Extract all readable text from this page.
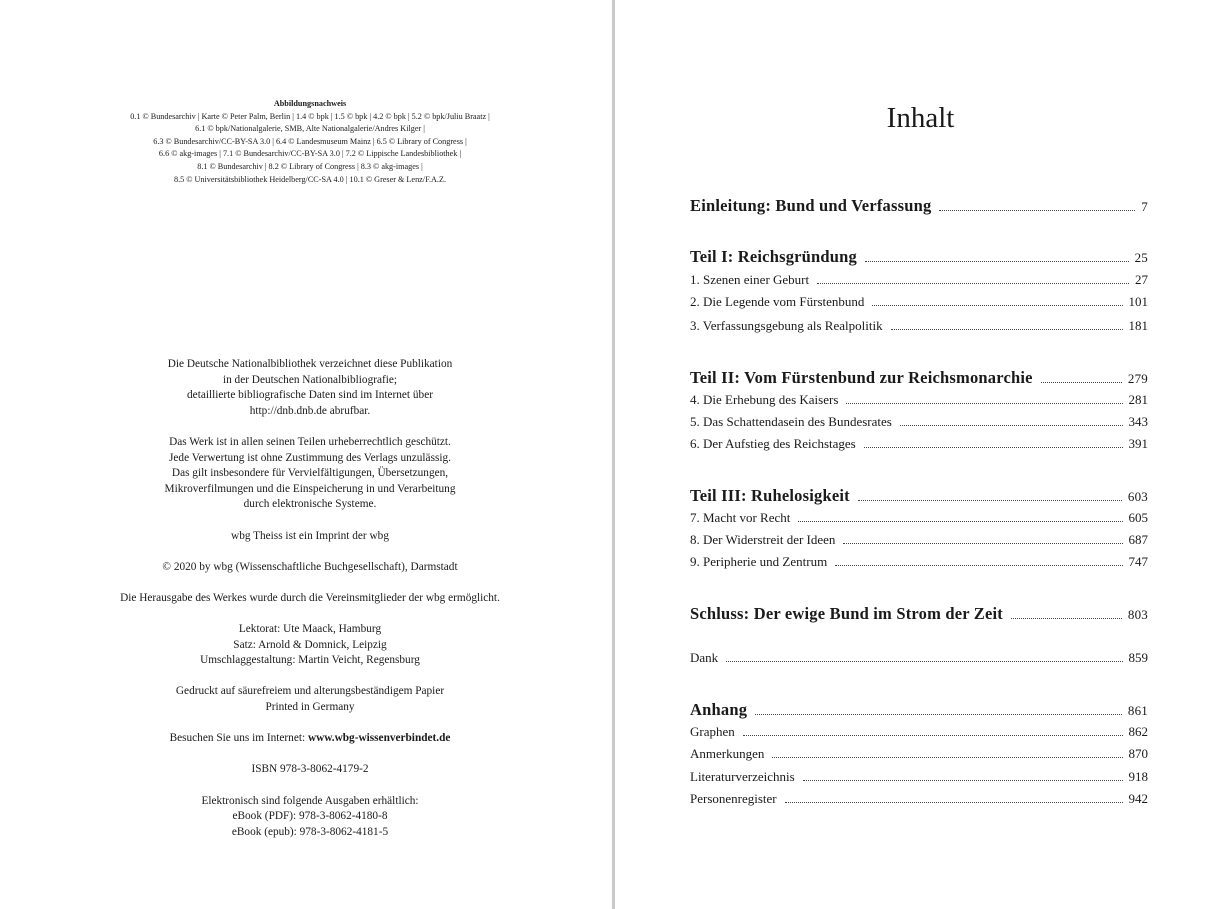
Abbildungsnachweis
0.1 © Bundesarchiv | Karte © Peter Palm, Berlin | 1.4 © bpk | 1.5 © bpk | 4.2 © bpk | 5.2 © bpk/Juliu Braatz |
6.1 © bpk/Nationalgalerie, SMB, Alte Nationalgalerie/Andres Kilger |
6.3 © Bundesarchiv/CC-BY-SA 3.0 | 6.4 © Landesmuseum Mainz | 6.5 © Library of Congress |
6.6 © akg-images | 7.1 © Bundesarchiv/CC-BY-SA 3.0 | 7.2 © Lippische Landesbibliothek |
8.1 © Bundesarchiv | 8.2 © Library of Congress | 8.3 © akg-images |
8.5 © Universitätsbibliothek Heidelberg/CC-SA 4.0 | 10.1 © Greser & Lenz/F.A.Z.
Die Deutsche Nationalbibliothek verzeichnet diese Publikation
in der Deutschen Nationalbibliografie;
detaillierte bibliografische Daten sind im Internet über
http://dnb.dnb.de abrufbar.
Das Werk ist in allen seinen Teilen urheberrechtlich geschützt.
Jede Verwertung ist ohne Zustimmung des Verlags unzulässig.
Das gilt insbesondere für Vervielfältigungen, Übersetzungen,
Mikroverfilmungen und die Einspeicherung in und Verarbeitung
durch elektronische Systeme.
wbg Theiss ist ein Imprint der wbg
© 2020 by wbg (Wissenschaftliche Buchgesellschaft), Darmstadt
Die Herausgabe des Werkes wurde durch die Vereinsmitglieder der wbg ermöglicht.
Lektorat: Ute Maack, Hamburg
Satz: Arnold & Domnick, Leipzig
Umschlaggestaltung: Martin Veicht, Regensburg
Gedruckt auf säurefreiem und alterungsbeständigem Papier
Printed in Germany
Besuchen Sie uns im Internet: www.wbg-wissenverbindet.de
ISBN 978-3-8062-4179-2
Elektronisch sind folgende Ausgaben erhältlich:
eBook (PDF): 978-3-8062-4180-8
eBook (epub): 978-3-8062-4181-5
Inhalt
Einleitung: Bund und Verfassung	7
Teil I: Reichsgründung	25
1. Szenen einer Geburt	27
2. Die Legende vom Fürstenbund	101
3. Verfassungsgebung als Realpolitik	181
Teil II: Vom Fürstenbund zur Reichsmonarchie	279
4. Die Erhebung des Kaisers	281
5. Das Schattendasein des Bundesrates	343
6. Der Aufstieg des Reichstages	391
Teil III: Ruhelosigkeit	603
7. Macht vor Recht	605
8. Der Widerstreit der Ideen	687
9. Peripherie und Zentrum	747
Schluss: Der ewige Bund im Strom der Zeit	803
Dank	859
Anhang	861
Graphen	862
Anmerkungen	870
Literaturverzeichnis	918
Personenregister	942
